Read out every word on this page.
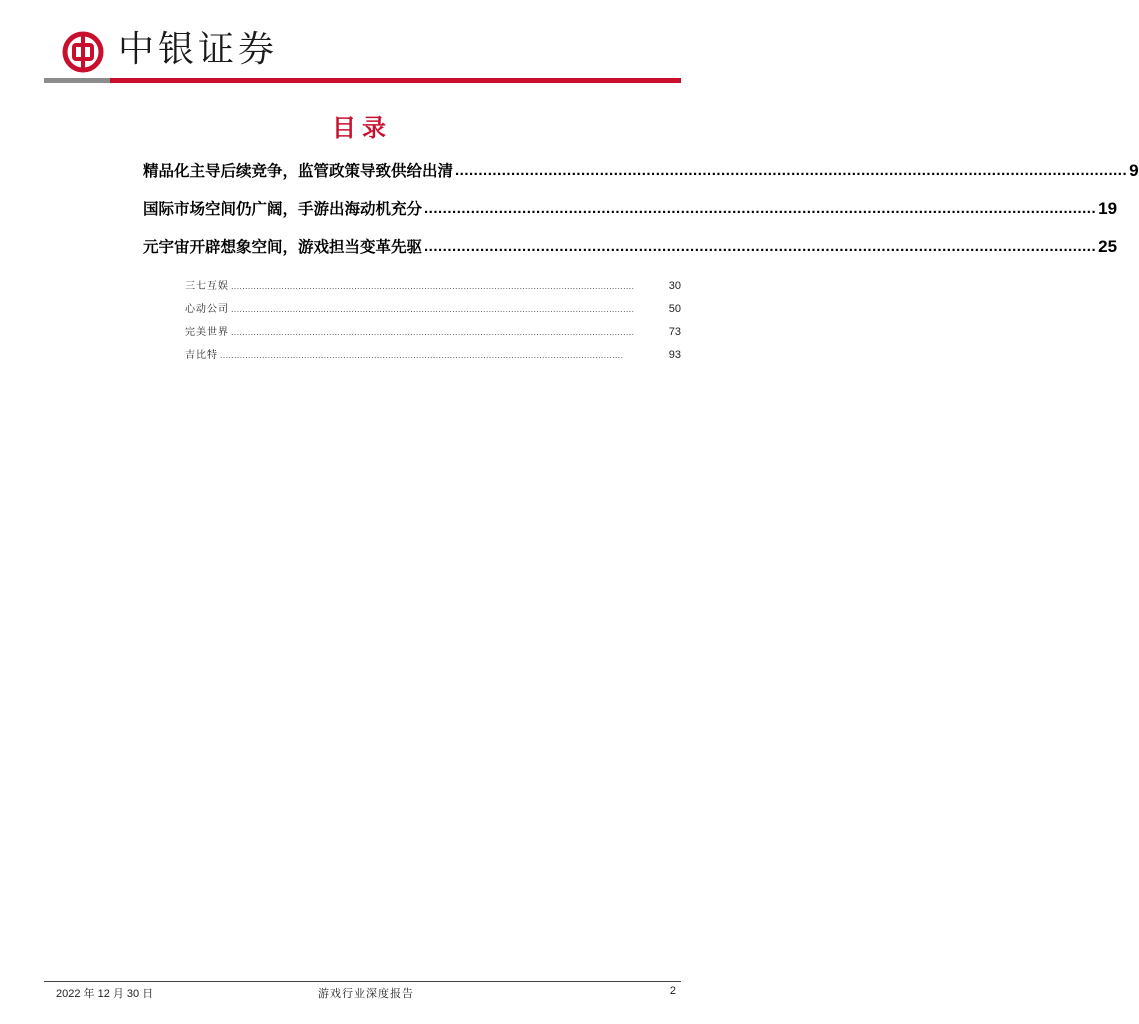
中银证券
目录
精品化主导后续竞争，监管政策导致供给出清 ................................................................................................................................................ 9
国际市场空间仍广阔，手游出海动机充分 ................................................................................................................................................ 19
元宇宙开辟想象空间，游戏担当变革先驱 ................................................................................................................................................ 25
三七互娱 ................................................................................................................................................	30
心动公司 ................................................................................................................................................	50
完美世界 ................................................................................................................................................	73
吉比特 ................................................................................................................................................	93
2022 年 12 月 30 日	游戏行业深度报告	2
